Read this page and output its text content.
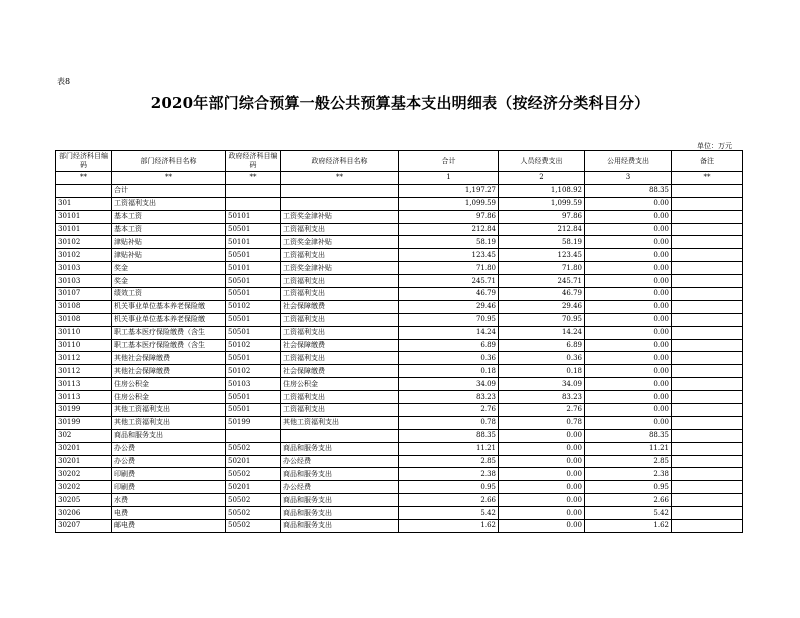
表8
2020年部门综合预算一般公共预算基本支出明细表（按经济分类科目分）
单位：万元
部门经济科目编码	部门经济科目名称	政府经济科目编码	政府经济科目名称	合计	人员经费支出	公用经费支出	备注
**	**	**	**	1	2	3	**
	合计			1,197.27	1,108.92	88.35	
301	工资福利支出			1,099.59	1,099.59	0.00	
30101	基本工资	50101	工资奖金津补贴	97.86	97.86	0.00	
30101	基本工资	50501	工资福利支出	212.84	212.84	0.00	
30102	津贴补贴	50101	工资奖金津补贴	58.19	58.19	0.00	
30102	津贴补贴	50501	工资福利支出	123.45	123.45	0.00	
30103	奖金	50101	工资奖金津补贴	71.80	71.80	0.00	
30103	奖金	50501	工资福利支出	245.71	245.71	0.00	
30107	绩效工资	50501	工资福利支出	46.79	46.79	0.00	
30108	机关事业单位基本养老保险缴	50102	社会保障缴费	29.46	29.46	0.00	
30108	机关事业单位基本养老保险缴	50501	工资福利支出	70.95	70.95	0.00	
30110	职工基本医疗保险缴费（含生	50501	工资福利支出	14.24	14.24	0.00	
30110	职工基本医疗保险缴费（含生	50102	社会保障缴费	6.89	6.89	0.00	
30112	其他社会保障缴费	50501	工资福利支出	0.36	0.36	0.00	
30112	其他社会保障缴费	50102	社会保障缴费	0.18	0.18	0.00	
30113	住房公积金	50103	住房公积金	34.09	34.09	0.00	
30113	住房公积金	50501	工资福利支出	83.23	83.23	0.00	
30199	其他工资福利支出	50501	工资福利支出	2.76	2.76	0.00	
30199	其他工资福利支出	50199	其他工资福利支出	0.78	0.78	0.00	
302	商品和服务支出			88.35	0.00	88.35	
30201	办公费	50502	商品和服务支出	11.21	0.00	11.21	
30201	办公费	50201	办公经费	2.85	0.00	2.85	
30202	印刷费	50502	商品和服务支出	2.38	0.00	2.38	
30202	印刷费	50201	办公经费	0.95	0.00	0.95	
30205	水费	50502	商品和服务支出	2.66	0.00	2.66	
30206	电费	50502	商品和服务支出	5.42	0.00	5.42	
30207	邮电费	50502	商品和服务支出	1.62	0.00	1.62	
